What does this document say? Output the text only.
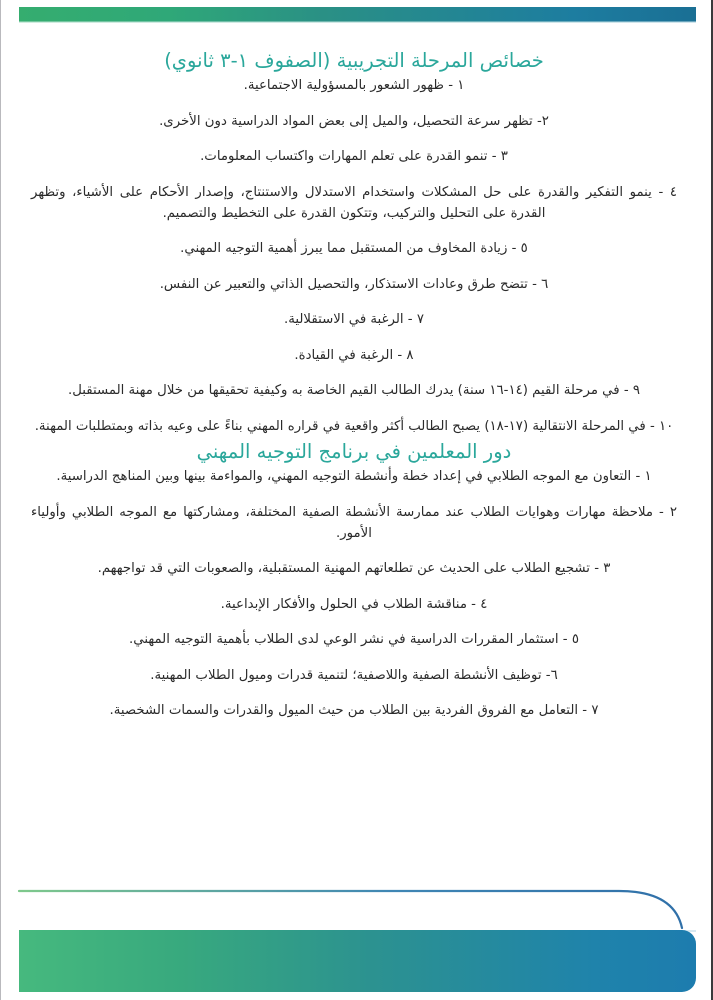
خصائص المرحلة التجريبية (الصفوف ١-٣ ثانوي)
١ - ظهور الشعور بالمسؤولية الاجتماعية.
٢- تظهر سرعة التحصيل، والميل إلى بعض المواد الدراسية دون الأخرى.
٣ - تنمو القدرة على تعلم المهارات واكتساب المعلومات.
٤ - ينمو التفكير والقدرة على حل المشكلات واستخدام الاستدلال والاستنتاج، وإصدار الأحكام على الأشياء، وتظهر القدرة على التحليل والتركيب، وتتكون القدرة على التخطيط والتصميم.
٥ - زيادة المخاوف من المستقبل مما يبرز أهمية التوجيه المهني.
٦ - تتضح طرق وعادات الاستذكار، والتحصيل الذاتي والتعبير عن النفس.
٧ - الرغبة في الاستقلالية.
٨ - الرغبة في القيادة.
٩ - في مرحلة القيم (١٤-١٦ سنة) يدرك الطالب القيم الخاصة به وكيفية تحقيقها من خلال مهنة المستقبل.
١٠ - في المرحلة الانتقالية (١٧-١٨) يصبح الطالب أكثر واقعية في قراره المهني بناءً على وعيه بذاته وبمتطلبات المهنة.
دور المعلمين في برنامج التوجيه المهني
١ - التعاون مع الموجه الطلابي في إعداد خطة وأنشطة التوجيه المهني، والمواءمة بينها وبين المناهج الدراسية.
٢ - ملاحظة مهارات وهوايات الطلاب عند ممارسة الأنشطة الصفية المختلفة، ومشاركتها مع الموجه الطلابي وأولياء الأمور.
٣ - تشجيع الطلاب على الحديث عن تطلعاتهم المهنية المستقبلية، والصعوبات التي قد تواجههم.
٤ - مناقشة الطلاب في الحلول والأفكار الإبداعية.
٥ - استثمار المقررات الدراسية في نشر الوعي لدى الطلاب بأهمية التوجيه المهني.
٦- توظيف الأنشطة الصفية واللاصفية؛ لتنمية قدرات وميول الطلاب المهنية.
٧ - التعامل مع الفروق الفردية بين الطلاب من حيث الميول والقدرات والسمات الشخصية.
